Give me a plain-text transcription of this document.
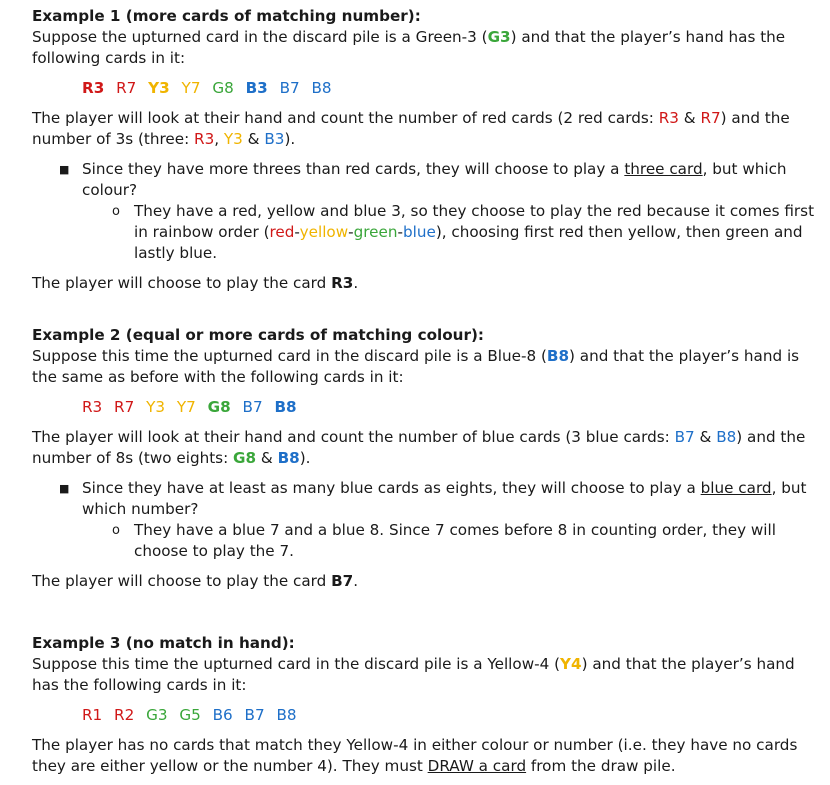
Example 1 (more cards of matching number):

Suppose the upturned card in the discard pile is a Green-3 (G3) and that the player’s hand has the following cards in it:

R3 R7 Y3 Y7 G8 B3 B7 B8

The player will look at their hand and count the number of red cards (2 red cards: R3 & R7) and the number of 3s (three: R3, Y3 & B3).

■ Since they have more threes than red cards, they will choose to play a three card, but which colour?
o They have a red, yellow and blue 3, so they choose to play the red because it comes first in rainbow order (red-yellow-green-blue), choosing first red then yellow, then green and lastly blue.

The player will choose to play the card R3.

Example 2 (equal or more cards of matching colour):

Suppose this time the upturned card in the discard pile is a Blue-8 (B8) and that the player’s hand is the same as before with the following cards in it:

R3 R7 Y3 Y7 G8 B7 B8

The player will look at their hand and count the number of blue cards (3 blue cards: B7 & B8) and the number of 8s (two eights: G8 & B8).

■ Since they have at least as many blue cards as eights, they will choose to play a blue card, but which number?
o They have a blue 7 and a blue 8. Since 7 comes before 8 in counting order, they will choose to play the 7.

The player will choose to play the card B7.

Example 3 (no match in hand):

Suppose this time the upturned card in the discard pile is a Yellow-4 (Y4) and that the player’s hand has the following cards in it:

R1 R2 G3 G5 B6 B7 B8

The player has no cards that match they Yellow-4 in either colour or number (i.e. they have no cards they are either yellow or the number 4). They must DRAW a card from the draw pile.
